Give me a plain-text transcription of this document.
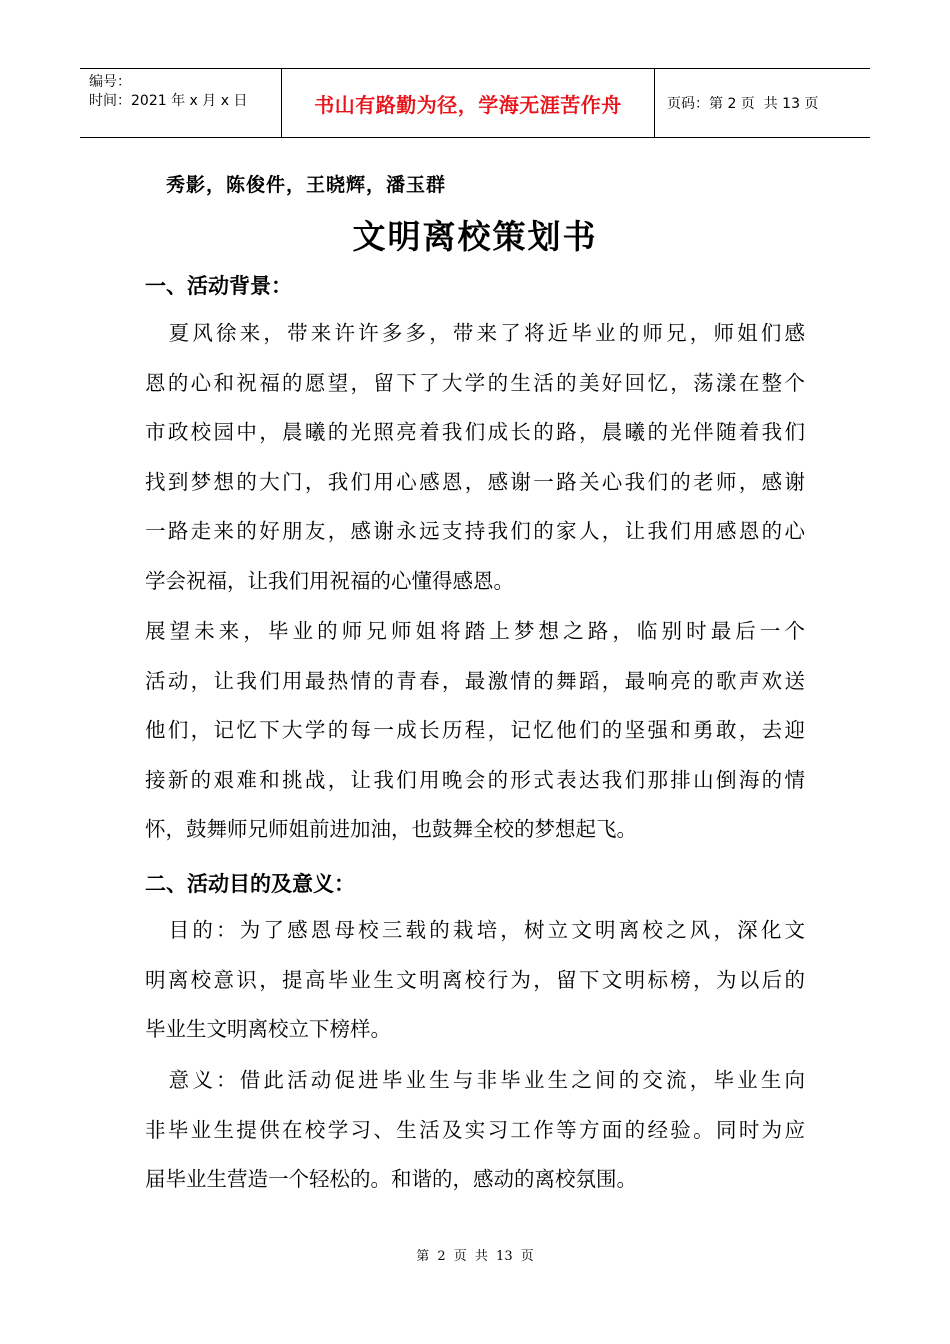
编号：
时间：2021 年 x 月 x 日	书山有路勤为径，学海无涯苦作舟	页码：第 2 页  共 13 页
秀影，陈俊件，王晓辉，潘玉群
文明离校策划书
一、活动背景：
　夏风徐来，带来许许多多，带来了将近毕业的师兄，师姐们感
恩的心和祝福的愿望，留下了大学的生活的美好回忆，荡漾在整个
市政校园中，晨曦的光照亮着我们成长的路，晨曦的光伴随着我们
找到梦想的大门，我们用心感恩，感谢一路关心我们的老师，感谢
一路走来的好朋友，感谢永远支持我们的家人，让我们用感恩的心
学会祝福，让我们用祝福的心懂得感恩。
展望未来，毕业的师兄师姐将踏上梦想之路，临别时最后一个
活动，让我们用最热情的青春，最激情的舞蹈，最响亮的歌声欢送
他们，记忆下大学的每一成长历程，记忆他们的坚强和勇敢，去迎
接新的艰难和挑战，让我们用晚会的形式表达我们那排山倒海的情
怀，鼓舞师兄师姐前进加油，也鼓舞全校的梦想起飞。
二、活动目的及意义：
　目的：为了感恩母校三载的栽培，树立文明离校之风，深化文
明离校意识，提高毕业生文明离校行为，留下文明标榜，为以后的
毕业生文明离校立下榜样。
　意义：借此活动促进毕业生与非毕业生之间的交流，毕业生向
非毕业生提供在校学习、生活及实习工作等方面的经验。同时为应
届毕业生营造一个轻松的。和谐的，感动的离校氛围。
第 2 页 共 13 页
